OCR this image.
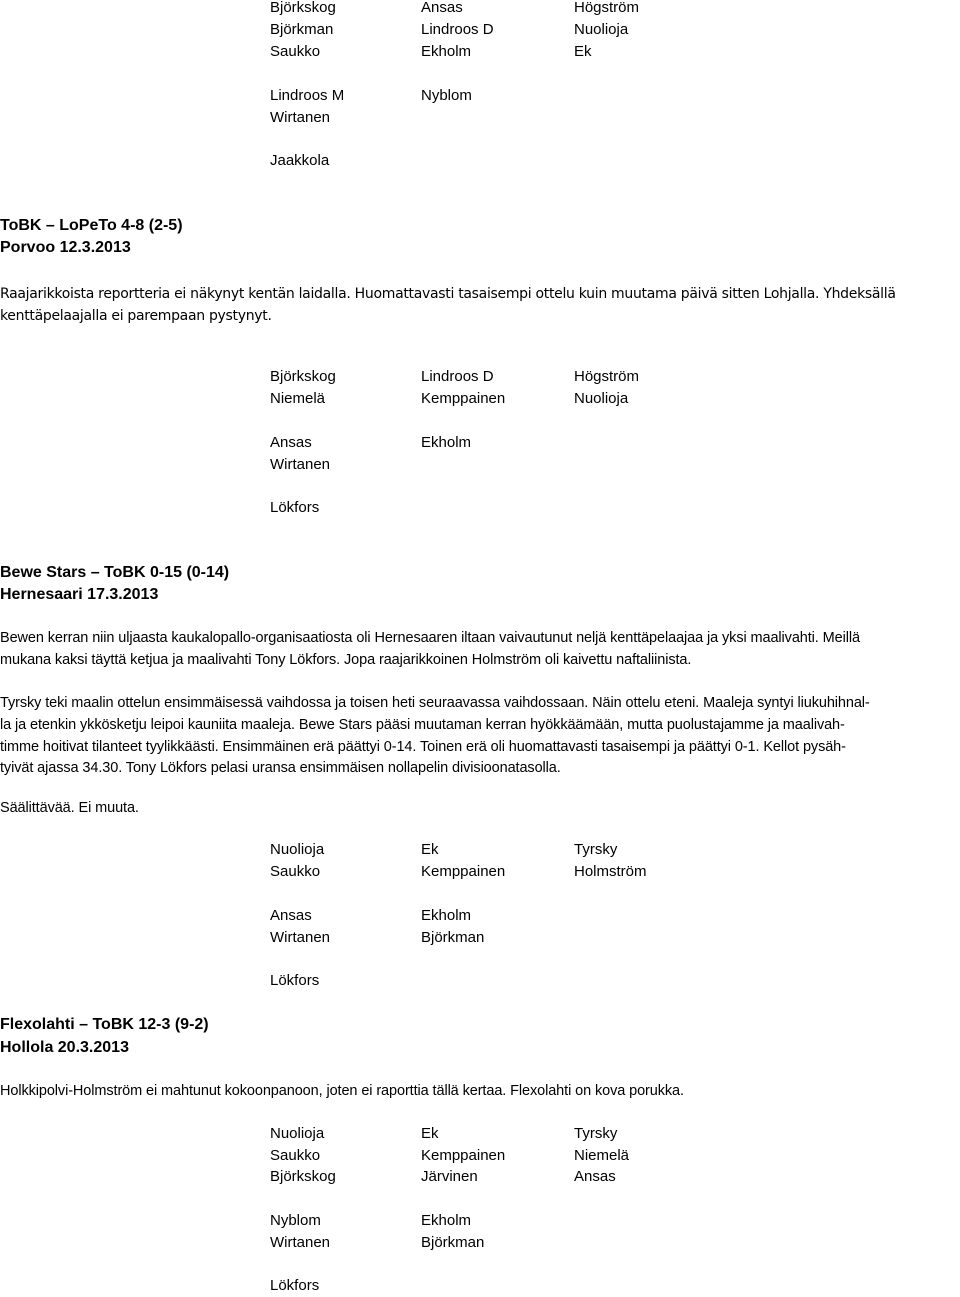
Björkskog	Ansas	Högström
Björkman	Lindroos D	Nuolioja
Saukko	Ekholm	Ek
Lindroos M	Nyblom
Wirtanen
Jaakkola
ToBK – LoPeTo 4-8 (2-5)
Porvoo 12.3.2013
Raajarikkoista reportteria ei näkynyt kentän laidalla. Huomattavasti tasaisempi ottelu kuin muutama päivä sitten Lohjalla. Yhdeksällä
kenttäpelaajalla ei parempaan pystynyt.
Björkskog	Lindroos D	Högström
Niemelä	Kemppainen	Nuolioja
Ansas	Ekholm
Wirtanen
Lökfors
Bewe Stars – ToBK 0-15 (0-14)
Hernesaari 17.3.2013
Bewen kerran niin uljaasta kaukalopallo-organisaatiosta oli Hernesaaren iltaan vaivautunut neljä kenttäpelaajaa ja yksi maalivahti. Meillä
mukana kaksi täyttä ketjua ja maalivahti Tony Lökfors. Jopa raajarikkoinen Holmström oli kaivettu naftaliinista.
Tyrsky teki maalin ottelun ensimmäisessä vaihdossa ja toisen heti seuraavassa vaihdossaan. Näin ottelu eteni. Maaleja syntyi liukuhihnal-
la ja etenkin ykkösketju leipoi kauniita maaleja. Bewe Stars pääsi muutaman kerran hyökkäämään, mutta puolustajamme ja maalivah-
timme hoitivat tilanteet tyylikkäästi. Ensimmäinen erä päättyi 0-14. Toinen erä oli huomattavasti tasaisempi ja päättyi 0-1. Kellot pysäh-
tyivät ajassa 34.30. Tony Lökfors pelasi uransa ensimmäisen nollapelin divisioonatasolla.
Säälittävää. Ei muuta.
Nuolioja	Ek	Tyrsky
Saukko	Kemppainen	Holmström
Ansas	Ekholm
Wirtanen	Björkman
Lökfors
Flexolahti – ToBK 12-3 (9-2)
Hollola 20.3.2013
Holkkipolvi-Holmström ei mahtunut kokoonpanoon, joten ei raporttia tällä kertaa. Flexolahti on kova porukka.
Nuolioja	Ek	Tyrsky
Saukko	Kemppainen	Niemelä
Björkskog	Järvinen	Ansas
Nyblom	Ekholm
Wirtanen	Björkman
Lökfors
